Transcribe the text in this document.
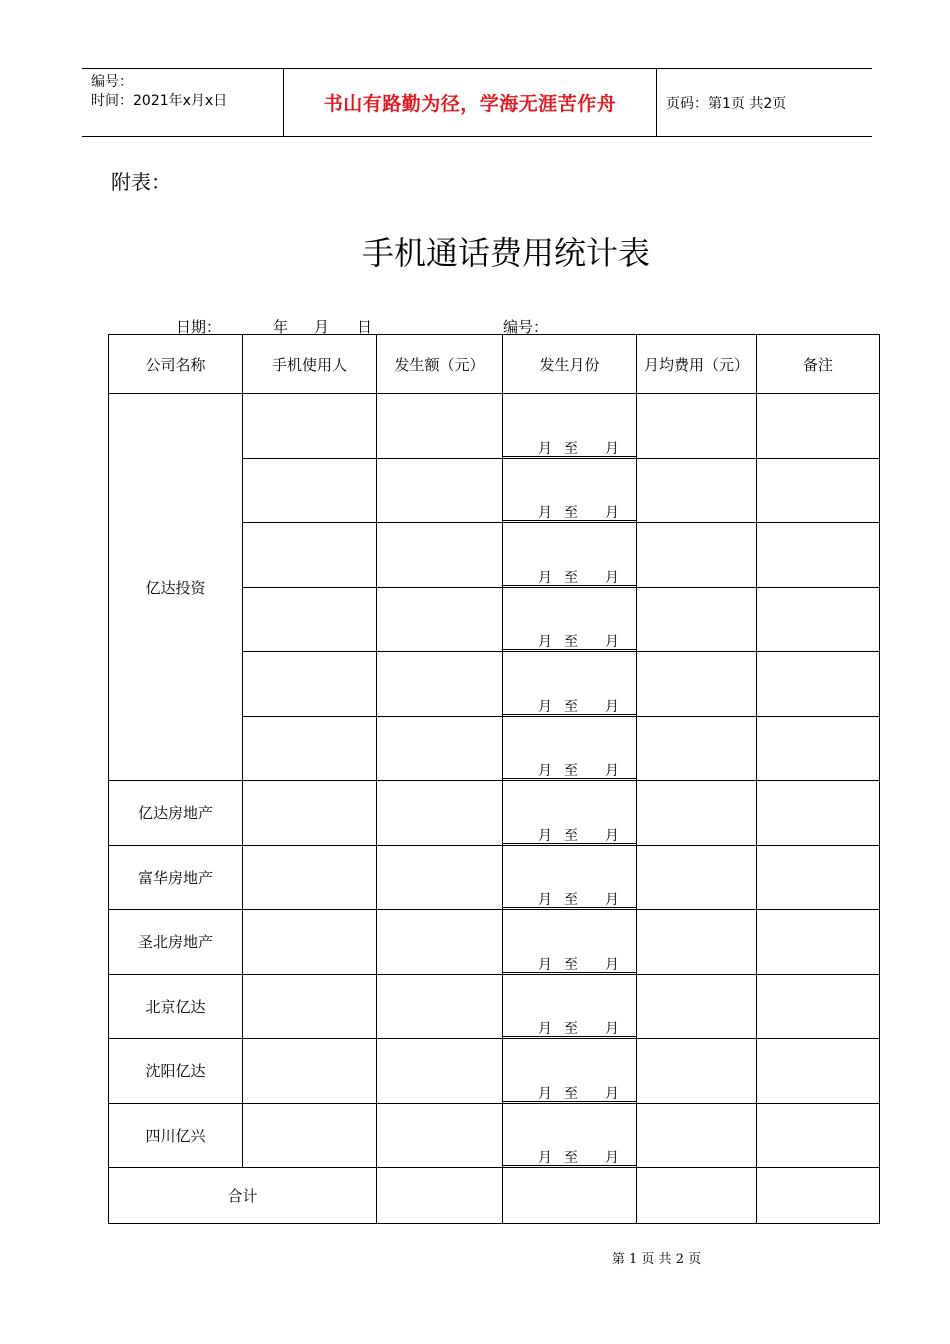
编号：
时间：2021年x月x日	书山有路勤为径，学海无涯苦作舟	页码：第1页 共2页
附表：
手机通话费用统计表
日期：	年 月 日	编号：
公司名称	手机使用人	发生额（元）	发生月份	月均费用（元）	备注
亿达投资			月 至 月		

			月 至 月		

			月 至 月		

			月 至 月		

			月 至 月		

			月 至 月		

亿达房地产			月 至 月		

富华房地产			月 至 月		

圣北房地产			月 至 月		

北京亿达			月 至 月		

沈阳亿达			月 至 月		

四川亿兴			月 至 月		

合计					
第 1 页 共 2 页
